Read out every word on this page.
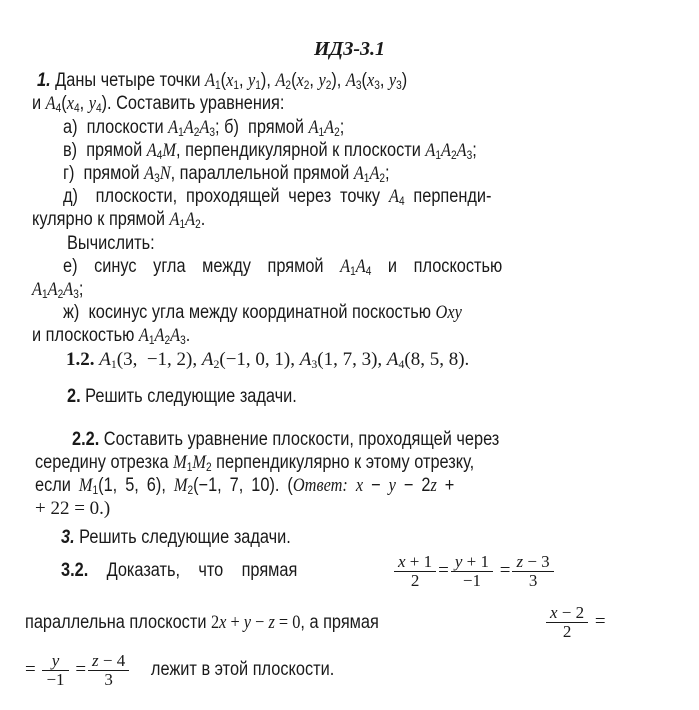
ИДЗ-3.1
1. Даны четыре точки $A_1(x_1$, $y_1$), $A_2(x_2$, $y_2$), $A_3(x_3$, $y_3$)
и $A_4(x_4$, $y_4$). Составить уравнения:
а)  плоскости $A_1A_2A_3$; б)  прямой $A_1A_2$;
в)  прямой $A_4M$, перпендикулярной к плоскости $A_1A_2A_3$;
г)  прямой $A_3N$, параллельной прямой $A_1A_2$;
д)  плоскости, проходящей через точку $A_4$ перпенди-
кулярно к прямой $A_1A_2$.
Вычислить:
е) синус угла между прямой $A_1A_4$ и плоскостью
$A_1A_2A_3$;
ж)  косинус угла между координатной поскостью Oxy
и плоскостью $A_1A_2A_3$.
1.2. $A_1(3$,  −1, 2), $A_2(-1$, 0, 1), $A_3(1$, 7, 3), $A_4(8$, 5, 8).
2. Решить следующие задачи.
2.2. Составить уравнение плоскости, проходящей через
середину отрезка $M_1M_2$ перпендикулярно к этому отрезку,
если $M_1(1$, 5, 6), $M_2(-1$, 7, 10). (Ответ: x − y − 2z +
+ 22 = 0.)
3. Решить следующие задачи.
3.2. Доказать, что прямая	$\frac{x + 1}{2} = \frac{y + 1}{-1} = \frac{z - 3}{3}$
параллельна плоскости 2x + y − z = 0, а прямая	$\frac{x - 2}{2}$ =
= $\frac{y}{-1} = \frac{z - 4}{3}$ лежит в этой плоскости.
